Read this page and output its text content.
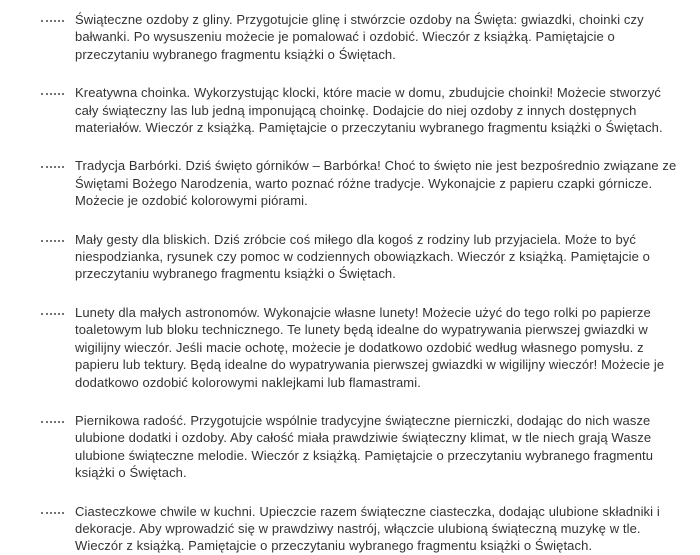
Świąteczne ozdoby z gliny. Przygotujcie glinę i stwórzcie ozdoby na Święta: gwiazdki, choinki czy bałwanki. Po wysuszeniu możecie je pomalować i ozdobić. Wieczór z książką. Pamiętajcie o przeczytaniu wybranego fragmentu książki o Świętach.

Kreatywna choinka. Wykorzystując klocki, które macie w domu, zbudujcie choinki! Możecie stworzyć cały świąteczny las lub jedną imponującą choinkę. Dodajcie do niej ozdoby z innych dostępnych materiałów. Wieczór z książką. Pamiętajcie o przeczytaniu wybranego fragmentu książki o Świętach.

Tradycja Barbórki. Dziś święto górników – Barbórka! Choć to święto nie jest bezpośrednio związane ze Świętami Bożego Narodzenia, warto poznać różne tradycje. Wykonajcie z papieru czapki górnicze. Możecie je ozdobić kolorowymi piórami.

Mały gesty dla bliskich. Dziś zróbcie coś miłego dla kogoś z rodziny lub przyjaciela. Może to być niespodzianka, rysunek czy pomoc w codziennych obowiązkach. Wieczór z książką. Pamiętajcie o przeczytaniu wybranego fragmentu książki o Świętach.

Lunety dla małych astronomów. Wykonajcie własne lunety! Możecie użyć do tego rolki po papierze toaletowym lub bloku technicznego. Te lunety będą idealne do wypatrywania pierwszej gwiazdki w wigilijny wieczór. Jeśli macie ochotę, możecie je dodatkowo ozdobić według własnego pomysłu. z papieru lub tektury. Będą idealne do wypatrywania pierwszej gwiazdki w wigilijny wieczór! Możecie je dodatkowo ozdobić kolorowymi naklejkami lub flamastrami.

Piernikowa radość. Przygotujcie wspólnie tradycyjne świąteczne pierniczki, dodając do nich wasze ulubione dodatki i ozdoby. Aby całość miała prawdziwie świąteczny klimat, w tle niech grają Wasze ulubione świąteczne melodie. Wieczór z książką. Pamiętajcie o przeczytaniu wybranego fragmentu książki o Świętach.

Ciasteczkowe chwile w kuchni. Upieczcie razem świąteczne ciasteczka, dodając ulubione składniki i dekoracje. Aby wprowadzić się w prawdziwy nastrój, włączcie ulubioną świąteczną muzykę w tle. Wieczór z książką. Pamiętajcie o przeczytaniu wybranego fragmentu książki o Świętach.
